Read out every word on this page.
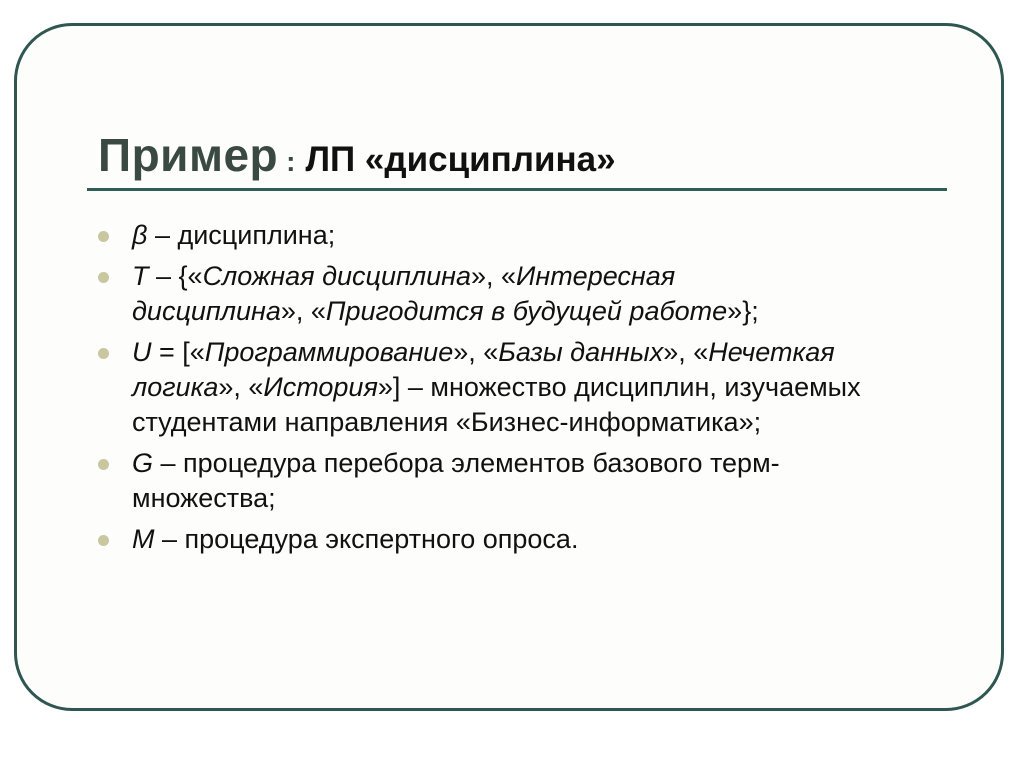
Пример : ЛП «дисциплина»
β – дисциплина;
T – {«Сложная дисциплина», «Интересная
дисциплина», «Пригодится в будущей работе»};
U = [«Программирование», «Базы данных», «Нечеткая логика», «История»] – множество дисциплин, изучаемых студентами направления «Бизнес-информатика»;
G – процедура перебора элементов базового терм-множества;
M – процедура экспертного опроса.
